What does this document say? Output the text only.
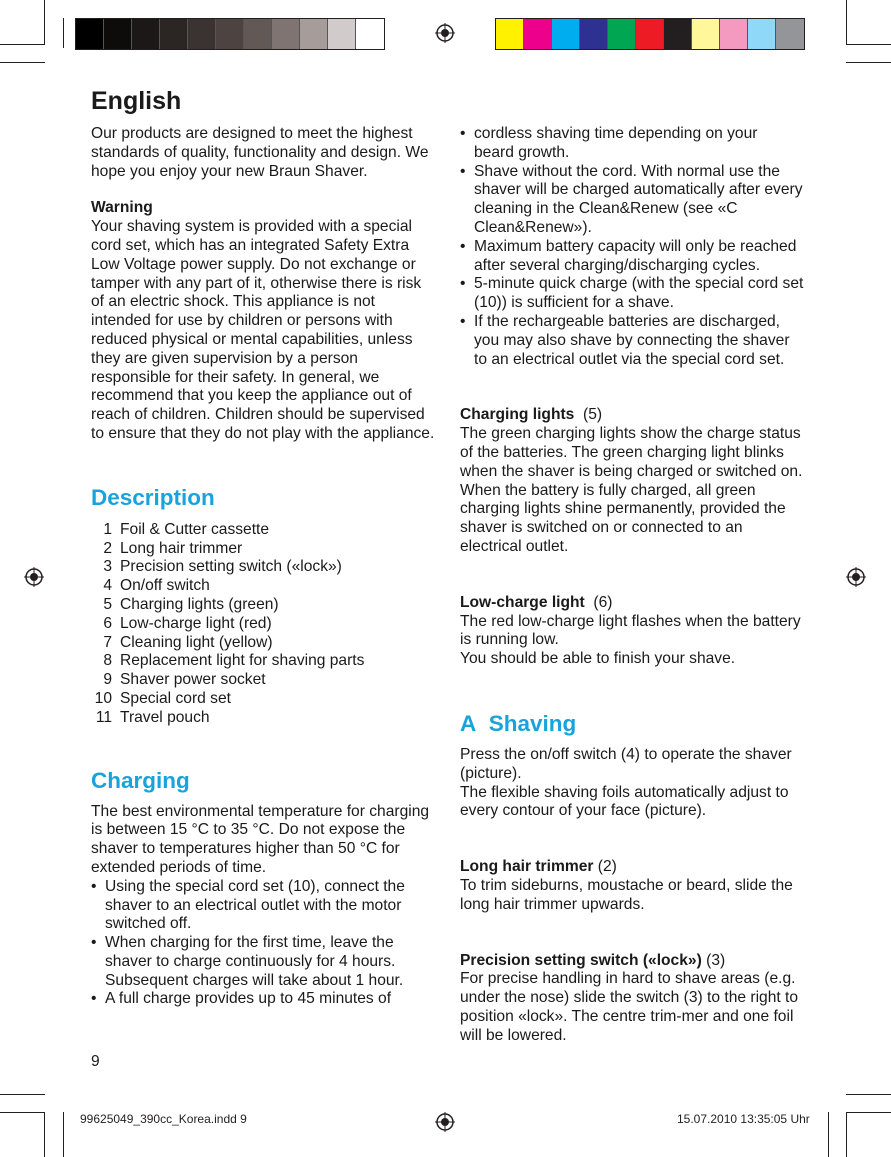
English

Our products are designed to meet the highest standards of quality, functionality and design. We hope you enjoy your new Braun Shaver.

Warning

Your shaving system is provided with a special cord set, which has an integrated Safety Extra Low Voltage power supply. Do not exchange or tamper with any part of it, otherwise there is risk of an electric shock. This appliance is not intended for use by children or persons with reduced physical or mental capabilities, unless they are given supervision by a person responsible for their safety. In general, we recommend that you keep the appliance out of reach of children. Children should be supervised to ensure that they do not play with the appliance.

Description

1 Foil & Cutter cassette
2 Long hair trimmer
3 Precision setting switch («lock»)
4 On/off switch
5 Charging lights (green)
6 Low-charge light (red)
7 Cleaning light (yellow)
8 Replacement light for shaving parts
9 Shaver power socket
10 Special cord set
11 Travel pouch

Charging

The best environmental temperature for charging is between 15 °C to 35 °C. Do not expose the shaver to temperatures higher than 50 °C for extended periods of time.

• Using the special cord set (10), connect the shaver to an electrical outlet with the motor switched off.
• When charging for the first time, leave the shaver to charge continuously for 4 hours. Subsequent charges will take about 1 hour.
• A full charge provides up to 45 minutes of
•

cordless shaving time depending on your

beard growth.

• Shave without the cord. With normal use the shaver will be charged automatically after every cleaning in the Clean&Renew (see «C Clean&Renew»).
• Maximum battery capacity will only be reached after several charging/discharging cycles.
• 5-minute quick charge (with the special cord set (10)) is sufficient for a shave.
• If the rechargeable batteries are discharged, you may also shave by connecting the shaver to an electrical outlet via the special cord set.

Charging lights (5)

The green charging lights show the charge status of the batteries. The green charging light blinks when the shaver is being charged or switched on. When the battery is fully charged, all green charging lights shine permanently, provided the shaver is switched on or connected to an electrical outlet.

Low-charge light (6)

The red low-charge light flashes when the battery is running low.

You should be able to finish your shave.

A Shaving

Press the on/off switch (4) to operate the shaver (picture).

The flexible shaving foils automatically adjust to every contour of your face (picture).

Long hair trimmer (2)

To trim sideburns, moustache or beard, slide the long hair trimmer upwards.

Precision setting switch («lock») (3)

For precise handling in hard to shave areas (e.g. under the nose) slide the switch (3) to the right to position «lock». The centre trim-mer and one foil will be lowered.

9
99625049_390cc_Korea.indd 9	15.07.2010 13:35:05 Uhr
